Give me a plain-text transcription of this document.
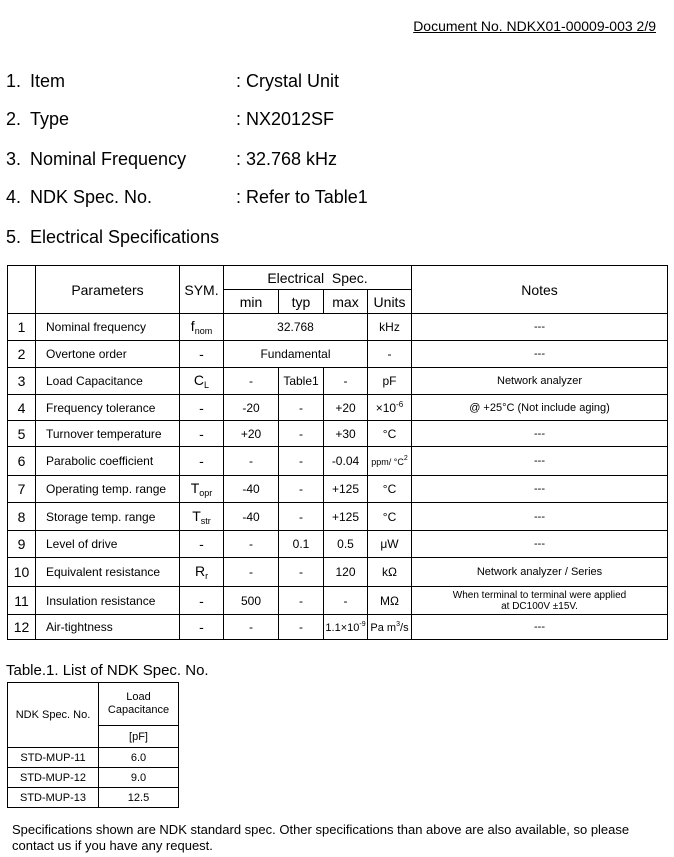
Document No. NDKX01-00009-003 2/9
1. Item	: Crystal Unit
2. Type	: NX2012SF
3. Nominal Frequency	: 32.768 kHz
4. NDK Spec. No.	: Refer to Table1
5. Electrical Specifications
	Parameters	SYM.	Electrical  Spec.				Notes
			min	typ	max	Units	
1	Nominal frequency	$f_{nom}$	32.768			kHz	---
2	Overtone order	-	Fundamental			-	---
3	Load Capacitance	$C_L$	-	Table1	-	pF	Network analyzer
4	Frequency tolerance	-	-20	-	+20	$\times 10^{-6}$	@ +25°C (Not include aging)
5	Turnover temperature	-	+20	-	+30	°C	---
6	Parabolic coefficient	-	-	-	-0.04	ppm/ $^\circ C^2$	---
7	Operating temp. range	$T_{opr}$	-40	-	+125	°C	---
8	Storage temp. range	$T_{str}$	-40	-	+125	°C	---
9	Level of drive	-	-	0.1	0.5	μW	---
10	Equivalent resistance	$R_r$	-	-	120	kΩ	Network analyzer / Series
11	Insulation resistance	-	500	-	-	MΩ	When terminal to terminal were applied
at DC100V ±15V.
12	Air-tightness	-	-	-	$1.1\times 10^{-9}$	Pa $m^3/s$	---
Table.1. List of NDK Spec. No.
NDK Spec. No.	Load
Capacitance
	[pF]
STD-MUP-11	6.0
STD-MUP-12	9.0
STD-MUP-13	12.5
Specifications shown are NDK standard spec. Other specifications than above are also available, so please contact us if you have any request.
